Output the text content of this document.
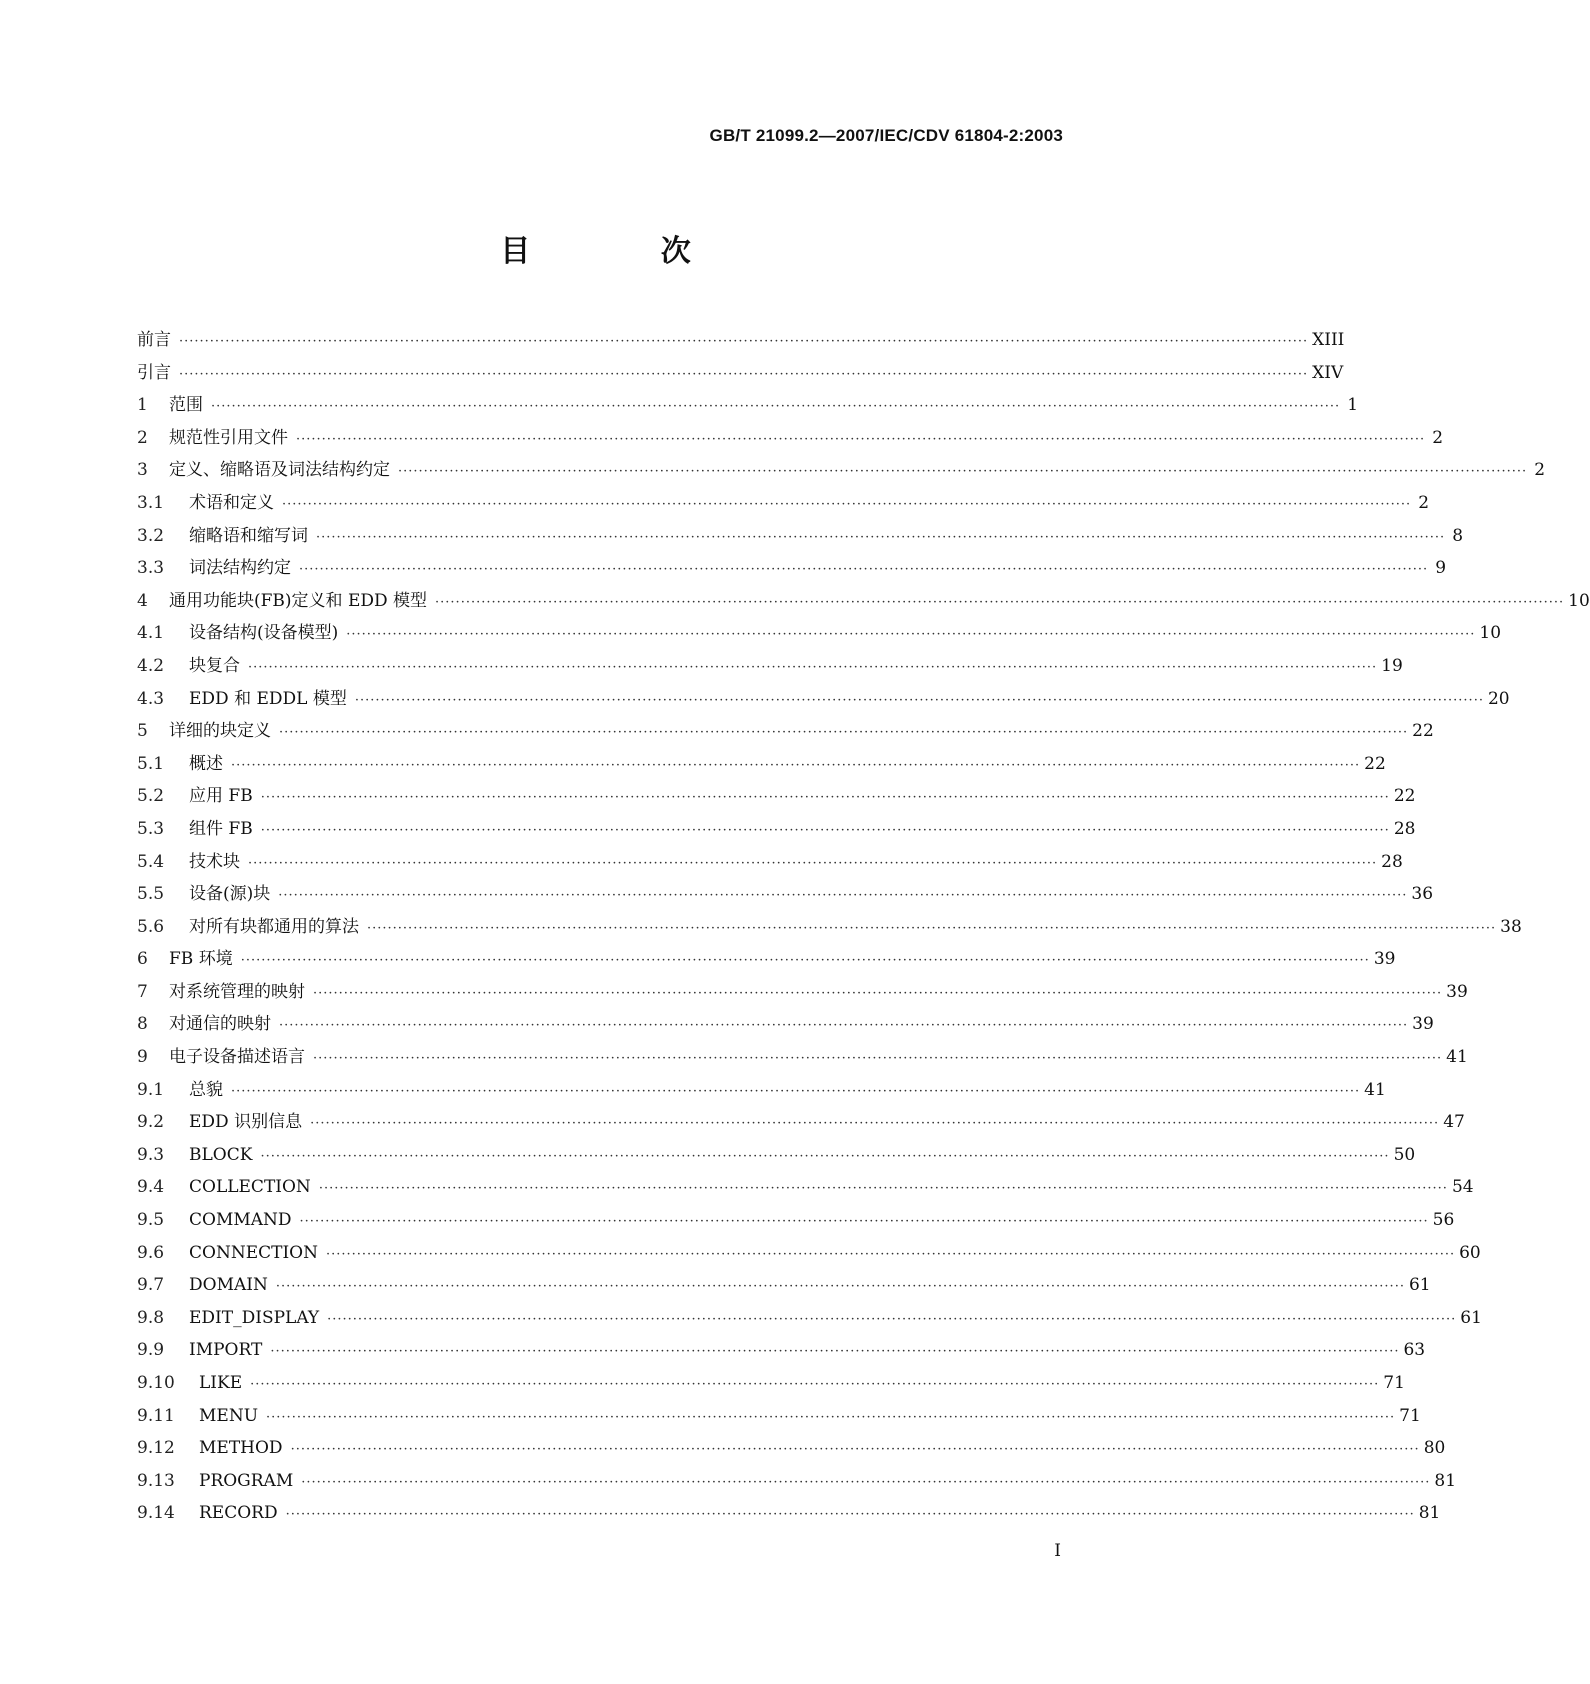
GB/T 21099.2—2007/IEC/CDV 61804-2:2003
目 次
前言 ···························································································································································································································· XIII
引言 ···························································································································································································································· XIV
1	范围 ···························································································································································································································· 1
2	规范性引用文件 ···························································································································································································································· 2
3	定义、缩略语及词法结构约定 ···························································································································································································································· 2
3.1	术语和定义 ···························································································································································································································· 2
3.2	缩略语和缩写词 ···························································································································································································································· 8
3.3	词法结构约定 ···························································································································································································································· 9
4	通用功能块(FB)定义和 EDD 模型 ···························································································································································································································· 10
4.1	设备结构(设备模型) ···························································································································································································································· 10
4.2	块复合 ···························································································································································································································· 19
4.3	EDD 和 EDDL 模型 ···························································································································································································································· 20
5	详细的块定义 ···························································································································································································································· 22
5.1	概述 ···························································································································································································································· 22
5.2	应用 FB ···························································································································································································································· 22
5.3	组件 FB ···························································································································································································································· 28
5.4	技术块 ···························································································································································································································· 28
5.5	设备(源)块 ···························································································································································································································· 36
5.6	对所有块都通用的算法 ···························································································································································································································· 38
6	FB 环境 ···························································································································································································································· 39
7	对系统管理的映射 ···························································································································································································································· 39
8	对通信的映射 ···························································································································································································································· 39
9	电子设备描述语言 ···························································································································································································································· 41
9.1	总貌 ···························································································································································································································· 41
9.2	EDD 识别信息 ···························································································································································································································· 47
9.3	BLOCK ···························································································································································································································· 50
9.4	COLLECTION ···························································································································································································································· 54
9.5	COMMAND ···························································································································································································································· 56
9.6	CONNECTION ···························································································································································································································· 60
9.7	DOMAIN ···························································································································································································································· 61
9.8	EDIT_DISPLAY ···························································································································································································································· 61
9.9	IMPORT ···························································································································································································································· 63
9.10	LIKE ···························································································································································································································· 71
9.11	MENU ···························································································································································································································· 71
9.12	METHOD ···························································································································································································································· 80
9.13	PROGRAM ···························································································································································································································· 81
9.14	RECORD ···························································································································································································································· 81
I
